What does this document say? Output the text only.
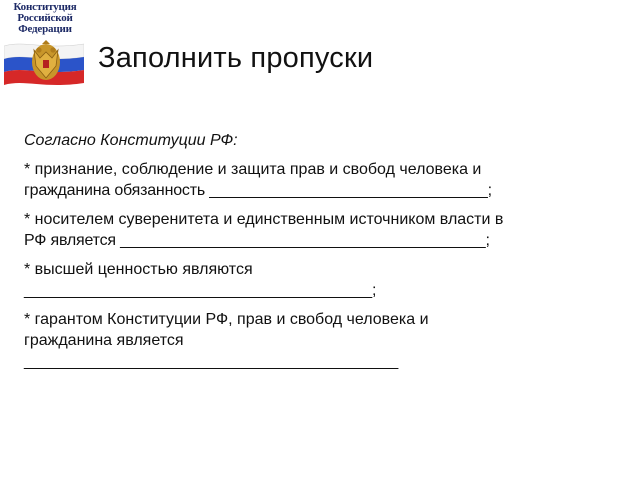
Конституция
Российской
Федерации
Заполнить пропуски
Согласно Конституции РФ:
* признание, соблюдение и защита прав и свобод человека и
гражданина обязанность ________________________________;
* носителем суверенитета и единственным источником власти в
РФ является __________________________________________;
* высшей ценностью являются
________________________________________;
* гарантом Конституции РФ, прав и свобод человека и
гражданина является
___________________________________________
